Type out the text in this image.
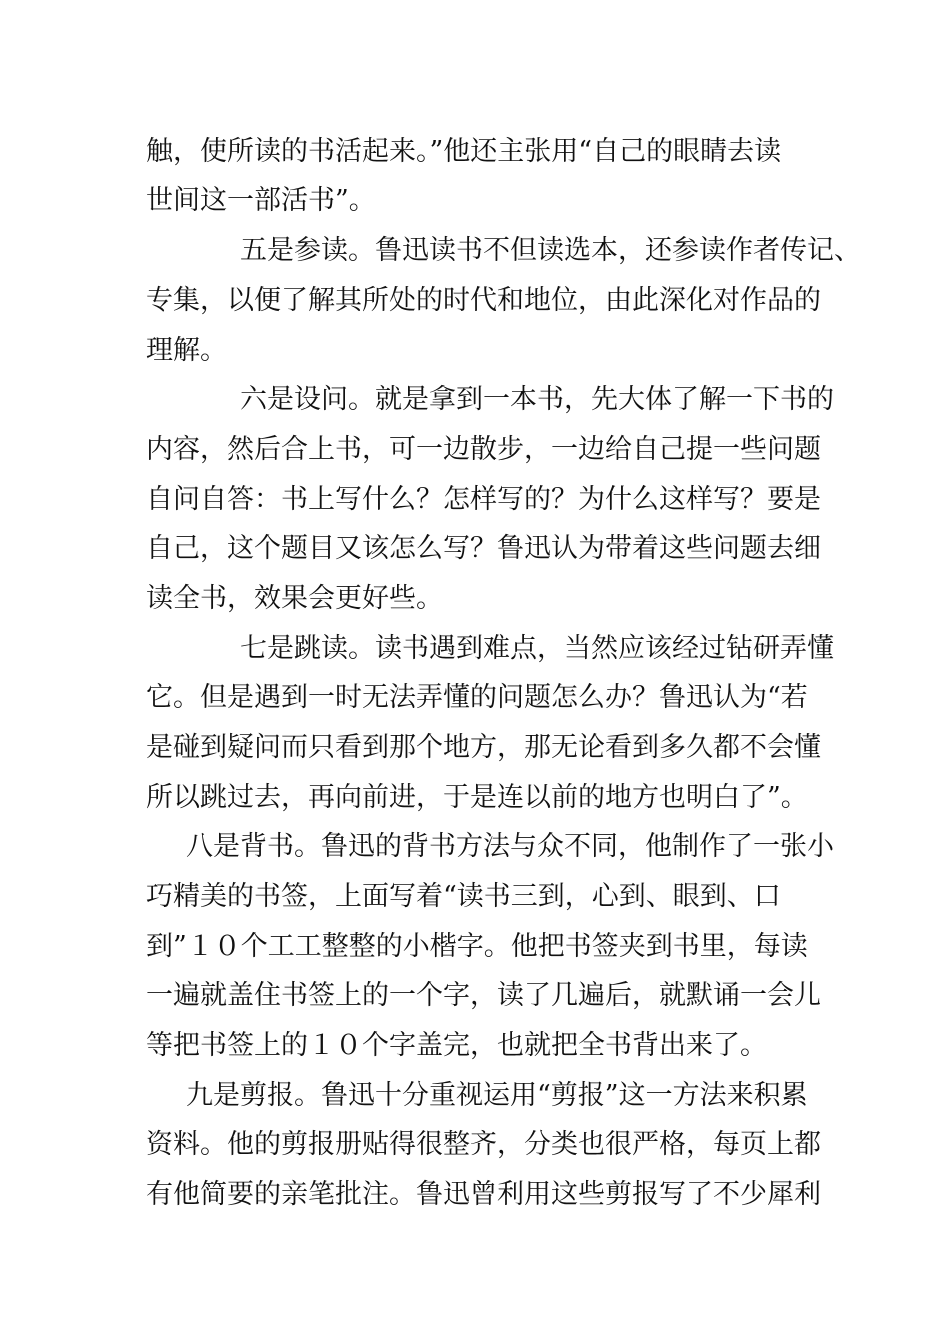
触，使所读的书活起来。”他还主张用“自己的眼睛去读
世间这一部活书”。
五是参读。鲁迅读书不但读选本，还参读作者传记、
专集，以便了解其所处的时代和地位，由此深化对作品的
理解。
六是设问。就是拿到一本书，先大体了解一下书的
内容，然后合上书，可一边散步，一边给自己提一些问题
自问自答：书上写什么？怎样写的？为什么这样写？要是
自己，这个题目又该怎么写？鲁迅认为带着这些问题去细
读全书，效果会更好些。
七是跳读。读书遇到难点，当然应该经过钻研弄懂
它。但是遇到一时无法弄懂的问题怎么办？鲁迅认为“若
是碰到疑问而只看到那个地方，那无论看到多久都不会懂
所以跳过去，再向前进，于是连以前的地方也明白了”。
八是背书。鲁迅的背书方法与众不同，他制作了一张小
巧精美的书签，上面写着“读书三到，心到、眼到、口
到”１０个工工整整的小楷字。他把书签夹到书里，每读
一遍就盖住书签上的一个字，读了几遍后，就默诵一会儿
等把书签上的１０个字盖完，也就把全书背出来了。
九是剪报。鲁迅十分重视运用“剪报”这一方法来积累
资料。他的剪报册贴得很整齐，分类也很严格，每页上都
有他简要的亲笔批注。鲁迅曾利用这些剪报写了不少犀利
